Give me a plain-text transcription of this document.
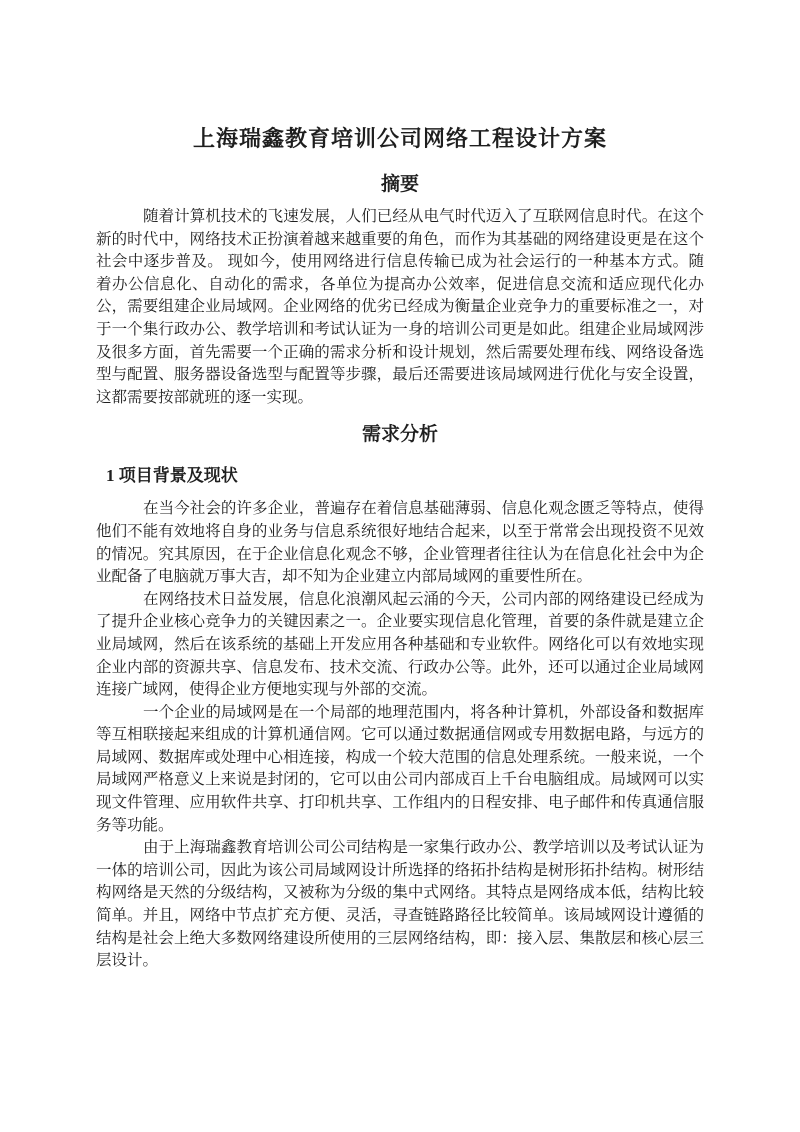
上海瑞鑫教育培训公司网络工程设计方案
摘要

随着计算机技术的飞速发展，人们已经从电气时代迈入了互联网信息时代。在这个新的时代中，网络技术正扮演着越来越重要的角色，而作为其基础的网络建设更是在这个社会中逐步普及。 现如今，使用网络进行信息传输已成为社会运行的一种基本方式。随着办公信息化、自动化的需求，各单位为提高办公效率，促进信息交流和适应现代化办公，需要组建企业局域网。企业网络的优劣已经成为衡量企业竞争力的重要标准之一，对于一个集行政办公、教学培训和考试认证为一身的培训公司更是如此。组建企业局域网涉及很多方面，首先需要一个正确的需求分析和设计规划，然后需要处理布线、网络设备选型与配置、服务器设备选型与配置等步骤，最后还需要进该局域网进行优化与安全设置，这都需要按部就班的逐一实现。

需求分析
1 项目背景及现状

在当今社会的许多企业，普遍存在着信息基础薄弱、信息化观念匮乏等特点，使得他们不能有效地将自身的业务与信息系统很好地结合起来，以至于常常会出现投资不见效的情况。究其原因，在于企业信息化观念不够，企业管理者往往认为在信息化社会中为企业配备了电脑就万事大吉，却不知为企业建立内部局域网的重要性所在。

在网络技术日益发展，信息化浪潮风起云涌的今天，公司内部的网络建设已经成为了提升企业核心竞争力的关键因素之一。企业要实现信息化管理，首要的条件就是建立企业局域网，然后在该系统的基础上开发应用各种基础和专业软件。网络化可以有效地实现企业内部的资源共享、信息发布、技术交流、行政办公等。此外，还可以通过企业局域网连接广域网，使得企业方便地实现与外部的交流。

一个企业的局域网是在一个局部的地理范围内，将各种计算机，外部设备和数据库等互相联接起来组成的计算机通信网。它可以通过数据通信网或专用数据电路，与远方的局域网、数据库或处理中心相连接，构成一个较大范围的信息处理系统。一般来说，一个局域网严格意义上来说是封闭的，它可以由公司内部成百上千台电脑组成。局域网可以实现文件管理、应用软件共享、打印机共享、工作组内的日程安排、电子邮件和传真通信服务等功能。

由于上海瑞鑫教育培训公司公司结构是一家集行政办公、教学培训以及考试认证为一体的培训公司，因此为该公司局域网设计所选择的络拓扑结构是树形拓扑结构。树形结构网络是天然的分级结构，又被称为分级的集中式网络。其特点是网络成本低，结构比较简单。并且，网络中节点扩充方便、灵活，寻查链路路径比较简单。该局域网设计遵循的结构是社会上绝大多数网络建设所使用的三层网络结构，即：接入层、集散层和核心层三层设计。
